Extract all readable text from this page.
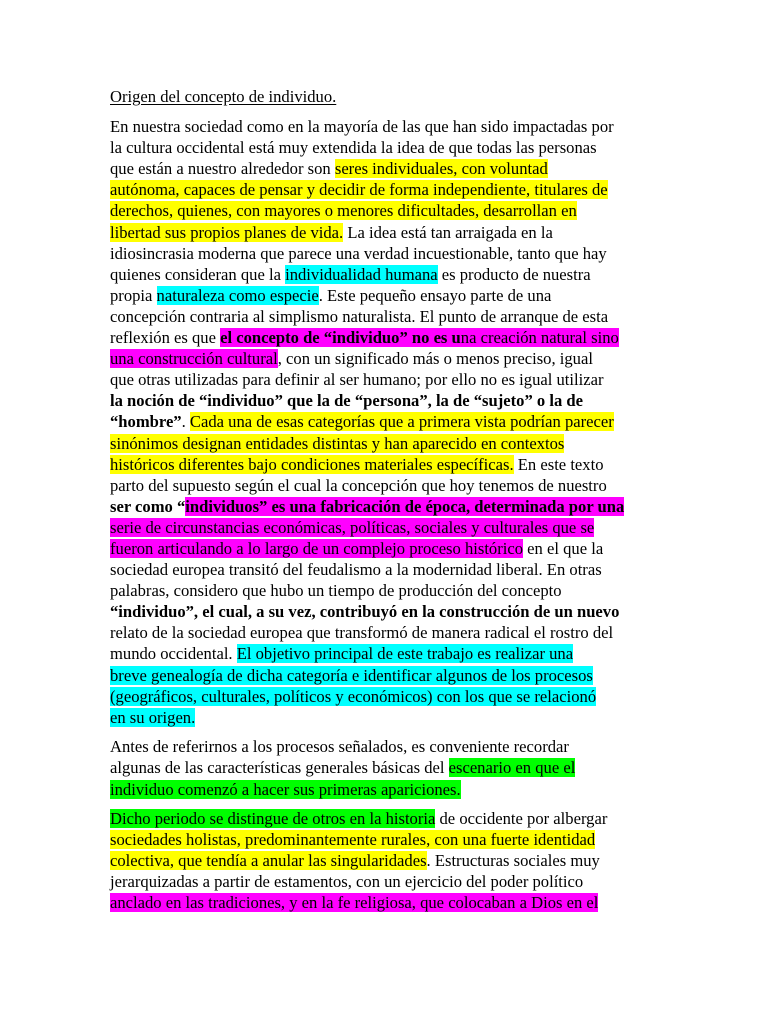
Origen del concepto de individuo.
En nuestra sociedad como en la mayoría de las que han sido impactadas por
la cultura occidental está muy extendida la idea de que todas las personas
que están a nuestro alrededor son seres individuales, con voluntad
autónoma, capaces de pensar y decidir de forma independiente, titulares de
derechos, quienes, con mayores o menores dificultades, desarrollan en
libertad sus propios planes de vida. La idea está tan arraigada en la
idiosincrasia moderna que parece una verdad incuestionable, tanto que hay
quienes consideran que la individualidad humana es producto de nuestra
propia naturaleza como especie. Este pequeño ensayo parte de una
concepción contraria al simplismo naturalista. El punto de arranque de esta
reflexión es que el concepto de “individuo” no es una creación natural sino
una construcción cultural, con un significado más o menos preciso, igual
que otras utilizadas para definir al ser humano; por ello no es igual utilizar
la noción de “individuo” que la de “persona”, la de “sujeto” o la de
“hombre”. Cada una de esas categorías que a primera vista podrían parecer
sinónimos designan entidades distintas y han aparecido en contextos
históricos diferentes bajo condiciones materiales específicas. En este texto
parto del supuesto según el cual la concepción que hoy tenemos de nuestro
ser como “individuos” es una fabricación de época, determinada por una
serie de circunstancias económicas, políticas, sociales y culturales que se
fueron articulando a lo largo de un complejo proceso histórico en el que la
sociedad europea transitó del feudalismo a la modernidad liberal. En otras
palabras, considero que hubo un tiempo de producción del concepto
“individuo”, el cual, a su vez, contribuyó en la construcción de un nuevo
relato de la sociedad europea que transformó de manera radical el rostro del
mundo occidental. El objetivo principal de este trabajo es realizar una
breve genealogía de dicha categoría e identificar algunos de los procesos
(geográficos, culturales, políticos y económicos) con los que se relacionó
en su origen.
Antes de referirnos a los procesos señalados, es conveniente recordar
algunas de las características generales básicas del escenario en que el
individuo comenzó a hacer sus primeras apariciones.
Dicho periodo se distingue de otros en la historia de occidente por albergar
sociedades holistas, predominantemente rurales, con una fuerte identidad
colectiva, que tendía a anular las singularidades. Estructuras sociales muy
jerarquizadas a partir de estamentos, con un ejercicio del poder político
anclado en las tradiciones, y en la fe religiosa, que colocaban a Dios en el
